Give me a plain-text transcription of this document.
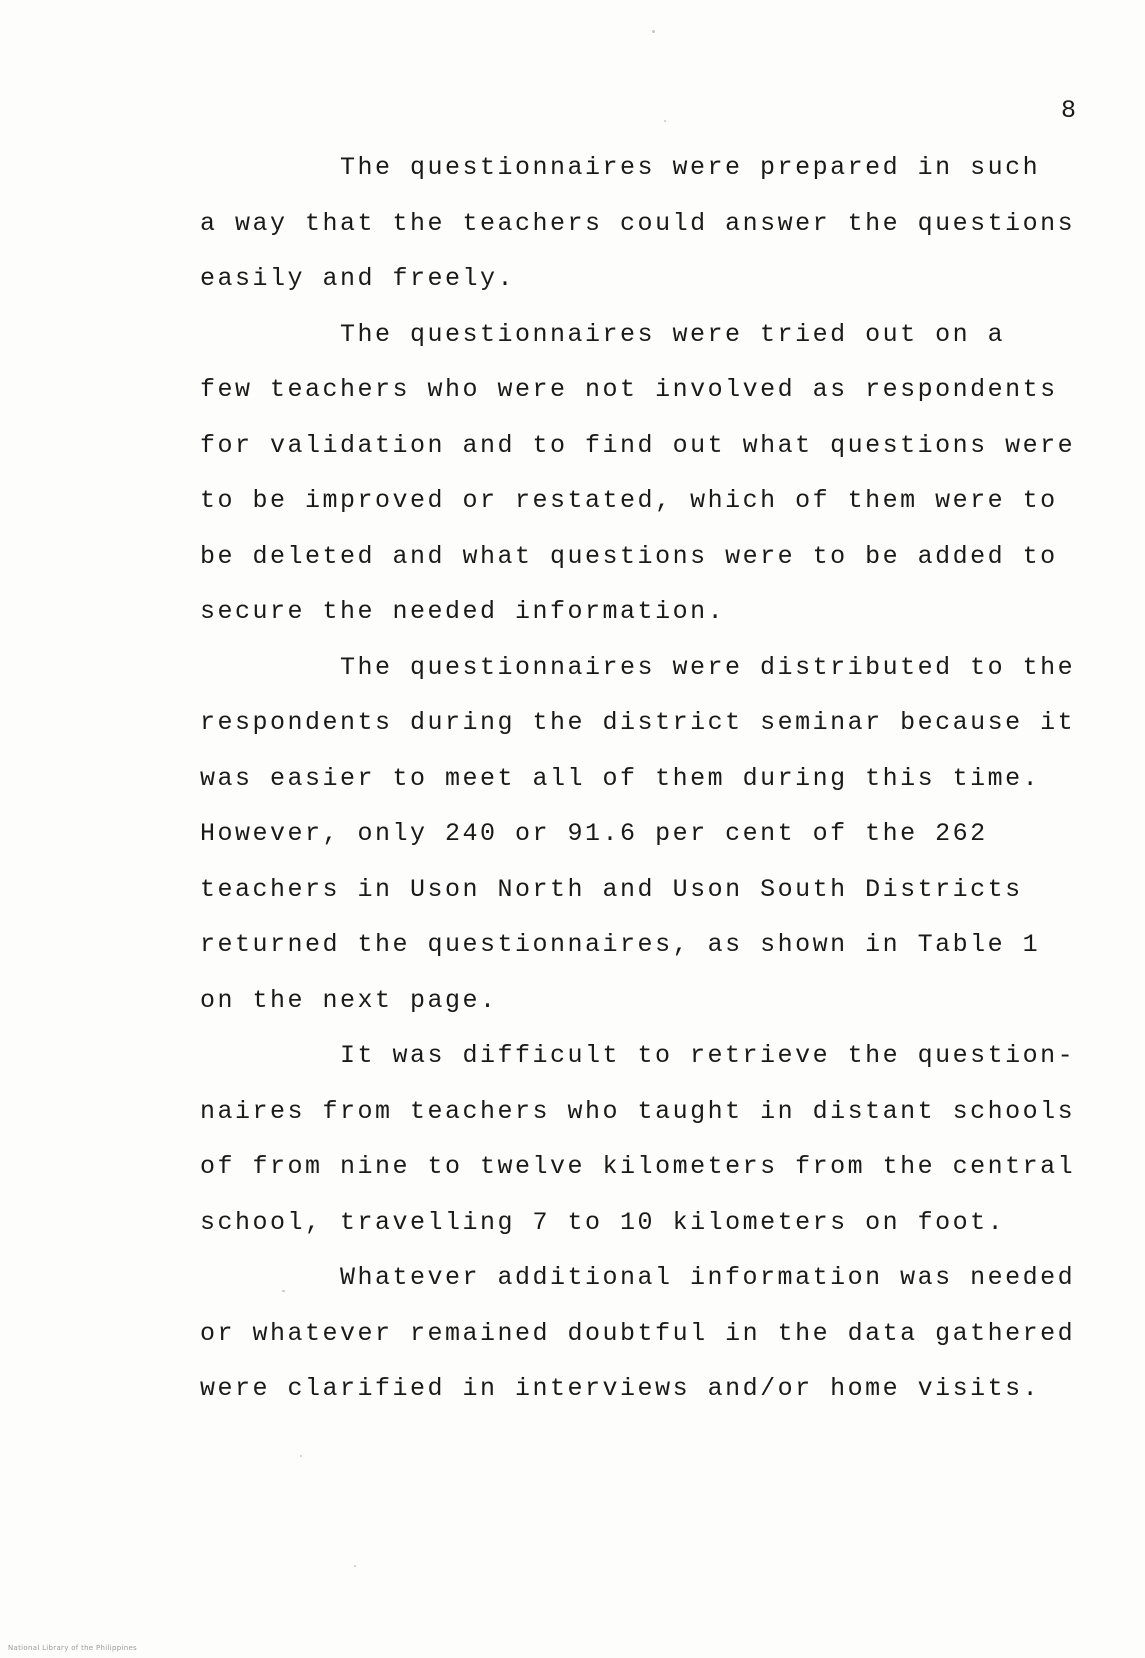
8

The questionnaires were prepared in such
a way that the teachers could answer the questions
easily and freely.

The questionnaires were tried out on a
few teachers who were not involved as respondents
for validation and to find out what questions were
to be improved or restated, which of them were to
be deleted and what questions were to be added to
secure the needed information.

The questionnaires were distributed to the
respondents during the district seminar because it
was easier to meet all of them during this time.
However, only 240 or 91.6 per cent of the 262
teachers in Uson North and Uson South Districts
returned the questionnaires, as shown in Table 1
on the next page.

It was difficult to retrieve the question-
naires from teachers who taught in distant schools
of from nine to twelve kilometers from the central
school, travelling 7 to 10 kilometers on foot.

Whatever additional information was needed
or whatever remained doubtful in the data gathered
were clarified in interviews and/or home visits.

National Library of the Philippines
